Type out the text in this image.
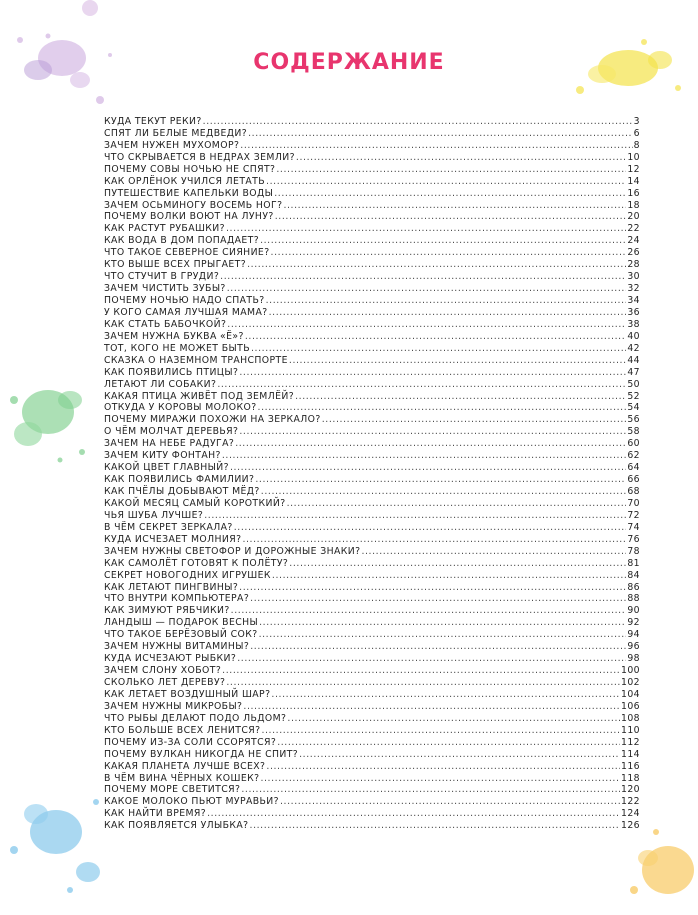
СОДЕРЖАНИЕ
КУДА ТЕКУТ РЕКИ? .....	3
СПЯТ ЛИ БЕЛЫЕ МЕДВЕДИ? .....	6
ЗАЧЕМ НУЖЕН МУХОМОР? .....	8
ЧТО СКРЫВАЕТСЯ В НЕДРАХ ЗЕМЛИ? .....	10
ПОЧЕМУ СОВЫ НОЧЬЮ НЕ СПЯТ? .....	12
КАК ОРЛЁНОК УЧИЛСЯ ЛЕТАТЬ .....	14
ПУТЕШЕСТВИЕ КАПЕЛЬКИ ВОДЫ .....	16
ЗАЧЕМ ОСЬМИНОГУ ВОСЕМЬ НОГ? .....	18
ПОЧЕМУ ВОЛКИ ВОЮТ НА ЛУНУ? .....	20
КАК РАСТУТ РУБАШКИ? .....	22
КАК ВОДА В ДОМ ПОПАДАЕТ? .....	24
ЧТО ТАКОЕ СЕВЕРНОЕ СИЯНИЕ? .....	26
КТО ВЫШЕ ВСЕХ ПРЫГАЕТ? .....	28
ЧТО СТУЧИТ В ГРУДИ? .....	30
ЗАЧЕМ ЧИСТИТЬ ЗУБЫ? .....	32
ПОЧЕМУ НОЧЬЮ НАДО СПАТЬ? .....	34
У КОГО САМАЯ ЛУЧШАЯ МАМА? .....	36
КАК СТАТЬ БАБОЧКОЙ? .....	38
ЗАЧЕМ НУЖНА БУКВА «Ё»? .....	40
ТОТ, КОГО НЕ МОЖЕТ БЫТЬ .....	42
СКАЗКА О НАЗЕМНОМ ТРАНСПОРТЕ .....	44
КАК ПОЯВИЛИСЬ ПТИЦЫ? .....	47
ЛЕТАЮТ ЛИ СОБАКИ? .....	50
КАКАЯ ПТИЦА ЖИВЁТ ПОД ЗЕМЛЁЙ? .....	52
ОТКУДА У КОРОВЫ МОЛОКО? .....	54
ПОЧЕМУ МИРАЖИ ПОХОЖИ НА ЗЕРКАЛО? .....	56
О ЧЁМ МОЛЧАТ ДЕРЕВЬЯ? .....	58
ЗАЧЕМ НА НЕБЕ РАДУГА? .....	60
ЗАЧЕМ КИТУ ФОНТАН? .....	62
КАКОЙ ЦВЕТ ГЛАВНЫЙ? .....	64
КАК ПОЯВИЛИСЬ ФАМИЛИИ? .....	66
КАК ПЧЁЛЫ ДОБЫВАЮТ МЁД? .....	68
КАКОЙ МЕСЯЦ САМЫЙ КОРОТКИЙ? .....	70
ЧЬЯ ШУБА ЛУЧШЕ? .....	72
В ЧЁМ СЕКРЕТ ЗЕРКАЛА? .....	74
КУДА ИСЧЕЗАЕТ МОЛНИЯ? .....	76
ЗАЧЕМ НУЖНЫ СВЕТОФОР И ДОРОЖНЫЕ ЗНАКИ? .....	78
КАК САМОЛЁТ ГОТОВЯТ К ПОЛЁТУ? .....	81
СЕКРЕТ НОВОГОДНИХ ИГРУШЕК .....	84
КАК ЛЕТАЮТ ПИНГВИНЫ? .....	86
ЧТО ВНУТРИ КОМПЬЮТЕРА? .....	88
КАК ЗИМУЮТ РЯБЧИКИ? .....	90
ЛАНДЫШ — ПОДАРОК ВЕСНЫ .....	92
ЧТО ТАКОЕ БЕРЁЗОВЫЙ СОК? .....	94
ЗАЧЕМ НУЖНЫ ВИТАМИНЫ? .....	96
КУДА ИСЧЕЗАЮТ РЫБКИ? .....	98
ЗАЧЕМ СЛОНУ ХОБОТ? .....	100
СКОЛЬКО ЛЕТ ДЕРЕВУ? .....	102
КАК ЛЕТАЕТ ВОЗДУШНЫЙ ШАР? .....	104
ЗАЧЕМ НУЖНЫ МИКРОБЫ? .....	106
ЧТО РЫБЫ ДЕЛАЮТ ПОДО ЛЬДОМ? .....	108
КТО БОЛЬШЕ ВСЕХ ЛЕНИТСЯ? .....	110
ПОЧЕМУ ИЗ-ЗА СОЛИ ССОРЯТСЯ? .....	112
ПОЧЕМУ ВУЛКАН НИКОГДА НЕ СПИТ? .....	114
КАКАЯ ПЛАНЕТА ЛУЧШЕ ВСЕХ? .....	116
В ЧЁМ ВИНА ЧЁРНЫХ КОШЕК? .....	118
ПОЧЕМУ МОРЕ СВЕТИТСЯ? .....	120
КАКОЕ МОЛОКО ПЬЮТ МУРАВЬИ? .....	122
КАК НАЙТИ ВРЕМЯ? .....	124
КАК ПОЯВЛЯЕТСЯ УЛЫБКА? .....	126
